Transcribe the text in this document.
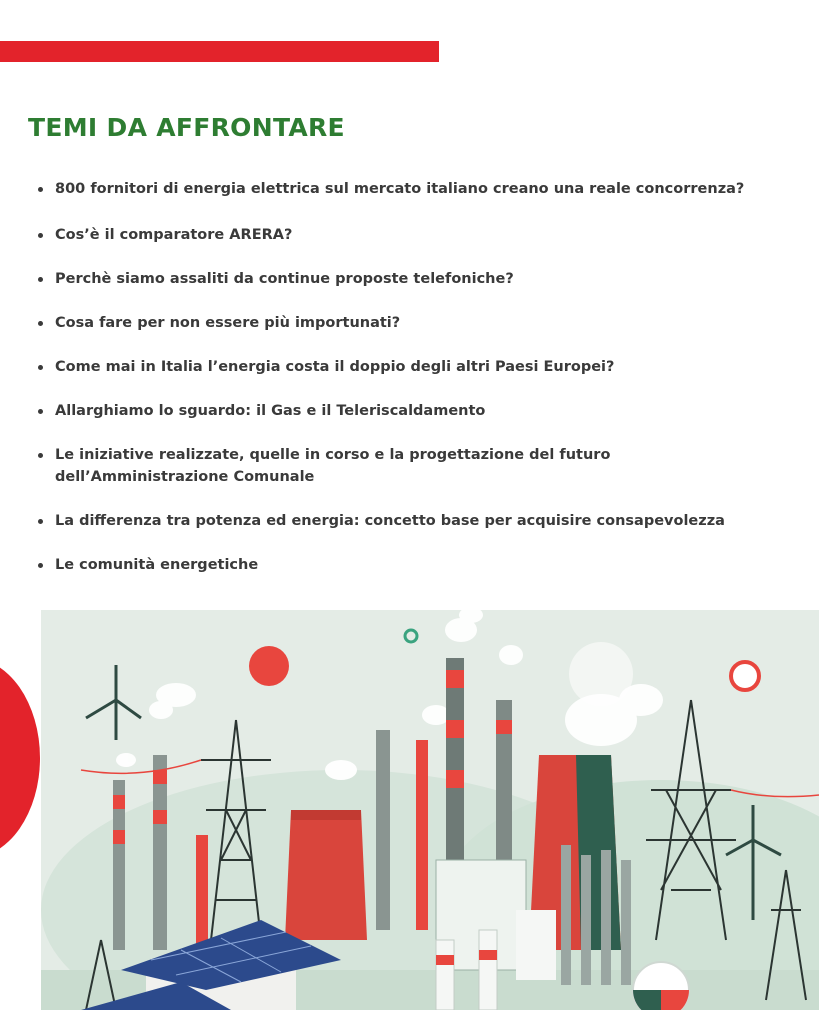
TEMI DA AFFRONTARE
800 fornitori di energia elettrica sul mercato italiano creano una reale concorrenza?
Cos’è il comparatore ARERA?
Perchè siamo assaliti da continue proposte telefoniche?
Cosa fare per non essere più importunati?
Come mai in Italia l’energia costa il doppio degli altri Paesi Europei?
Allarghiamo lo sguardo: il Gas e il Teleriscaldamento
Le iniziative realizzate, quelle in corso e la progettazione del futuro dell’Amministrazione Comunale
La differenza tra potenza ed energia: concetto base per acquisire consapevolezza
Le comunità energetiche
